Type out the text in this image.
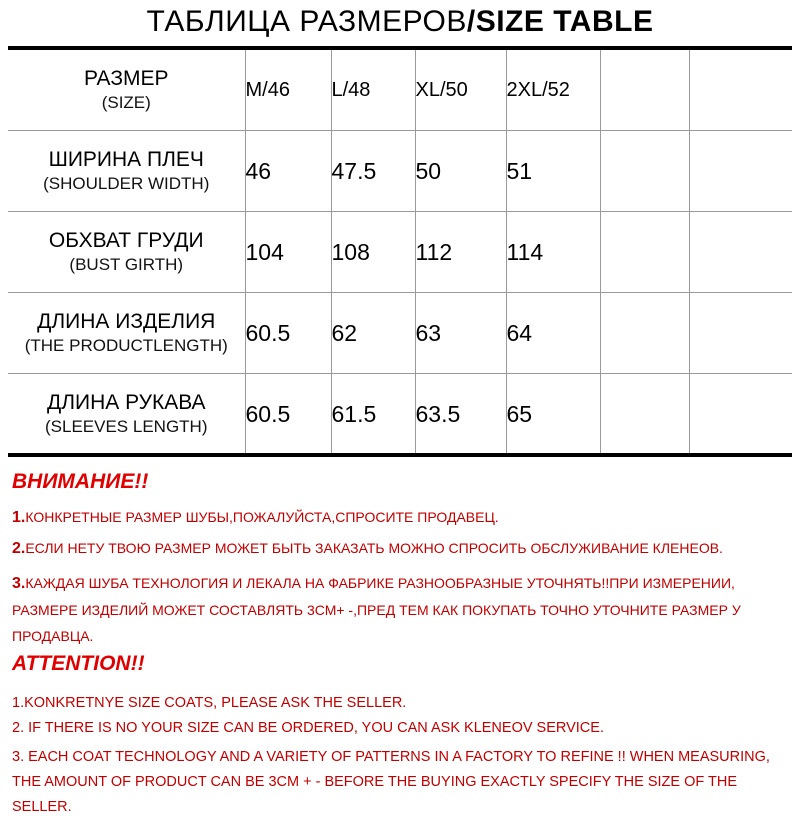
ТАБЛИЦА РАЗМЕРОВ/SIZE TABLE
РАЗМЕР
(SIZE)	M/46	L/48	XL/50	2XL/52		

ШИРИНА ПЛЕЧ
(SHOULDER WIDTH)	46	47.5	50	51		

ОБХВАТ ГРУДИ
(BUST GIRTH)	104	108	112	114		

ДЛИНА ИЗДЕЛИЯ
(THE PRODUCTLENGTH)	60.5	62	63	64		

ДЛИНА РУКАВА
(SLEEVES LENGTH)	60.5	61.5	63.5	65		
ВНИМАНИЕ!!
1.КОНКРЕТНЫЕ РАЗМЕР ШУБЫ,ПОЖАЛУЙСТА,СПРОСИТЕ ПРОДАВЕЦ.
2.ЕСЛИ НЕТУ ТВОЮ РАЗМЕР МОЖЕТ БЫТЬ ЗАКАЗАТЬ МОЖНО СПРОСИТЬ ОБСЛУЖИВАНИЕ КЛЕНЕОВ.
3.КАЖДАЯ ШУБА ТЕХНОЛОГИЯ И ЛЕКАЛА НА ФАБРИКЕ РАЗНООБРАЗНЫЕ УТОЧНЯТЬ!!ПРИ ИЗМЕРЕНИИ, РАЗМЕРЕ ИЗДЕЛИЙ МОЖЕТ СОСТАВЛЯТЬ 3СМ+ -,ПРЕД ТЕМ КАК ПОКУПАТЬ ТОЧНО УТОЧНИТЕ РАЗМЕР У ПРОДАВЦА.
ATTENTION!!
1.KONKRETNYE SIZE COATS, PLEASE ASK THE SELLER.
2. IF THERE IS NO YOUR SIZE CAN BE ORDERED, YOU CAN ASK KLENEOV SERVICE.
3. EACH COAT TECHNOLOGY AND A VARIETY OF PATTERNS IN A FACTORY TO REFINE !! WHEN MEASURING, THE AMOUNT OF PRODUCT CAN BE 3CM + - BEFORE THE BUYING EXACTLY SPECIFY THE SIZE OF THE SELLER.
